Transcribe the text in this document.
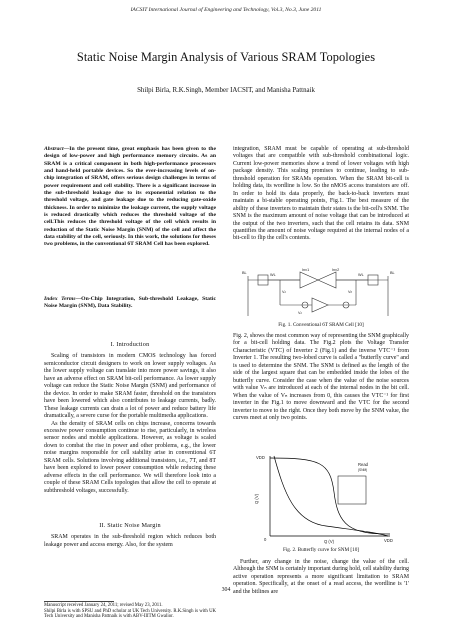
IACSIT International Journal of Engineering and Technology, Vol.3, No.3, June 2011
Static Noise Margin Analysis of Various SRAM Topologies
Shilpi Birla, R.K.Singh, Member IACSIT, and Manisha Pattnaik
Abstract—In the present time, great emphasis has been given to the design of low-power and high performance memory circuits. As an SRAM is a critical component in both high-performance processors and hand-held portable devices. So the ever-increasing levels of on-chip integration of SRAM, offers serious design challenges in terms of power requirement and cell stability. There is a significant increase in the sub-threshold leakage due to its exponential relation to the threshold voltage, and gate leakage due to the reducing gate-oxide thickness. In order to minimize the leakage current, the supply voltage is reduced drastically which reduces the threshold voltage of the cell.This reduces the threshold voltage of the cell which results in reduction of the Static Noise Margin (SNM) of the cell and affect the data stability of the cell, seriously. In this work, the solutions for theses two problems, in the conventional 6T SRAM Cell has been explored.
Index Terms—On-Chip Integration, Sub-threshold Leakage, Static Noise Margin (SNM), Data Stability.
I. Introduction

Scaling of transistors in modern CMOS technology has forced semiconductor circuit designers to work on lower supply voltages. As the lower supply voltage can translate into more power savings, it also have an adverse effect on SRAM bit-cell performance. As lower supply voltage can reduce the Static Noise Margin (SNM) and performance of the device. In order to make SRAM faster, threshold on the transistors have been lowered which also contributes to leakage currents, badly. These leakage currents can drain a lot of power and reduce battery life dramatically, a severe curse for the portable multimedia applications.

As the density of SRAM cells on chips increase, concerns towards excessive power consumption continue to rise, particularly, in wireless sensor nodes and mobile applications. However, as voltage is scaled down to combat the rise in power and other problems, e.g., the lower noise margins responsible for cell stability arise in conventional 6T SRAM cells. Solutions involving additional transistors, i.e., 7T, and 8T have been explored to lower power consumption while reducing these adverse effects in the cell performance. We will therefore look into a couple of these SRAM Cells topologies that allow the cell to operate at subthreshold voltages, successfully.

II. Static Noise Margin

SRAM operates in the sub-threshold region which reduces both leakage power and access energy. Also, for the system

Manuscript received January 24, 2011; revised May 23, 2011.
Shilpi Birla is with SPSU and PhD scholar at UK Tech University. R.K.Singh is with UK Tech University and Manisha Pattnaik is with ABV-IIITM Gwalior.
integration, SRAM must be capable of operating at sub-threshold voltages that are compatible with sub-threshold combinational logic. Current low-power memories show a trend of lower voltages with high package density. This scaling promises to continue, leading to sub-threshold operation for SRAMs operation. When the SRAM bit-cell is holding data, its wordline is low. So the nMOS access transistors are off. In order to hold its data properly, the back-to-back inverters must maintain a bi-stable operating points, Fig.1. The best measure of the ability of these inverters to maintain their states is the bit-cell's SNM. The SNM is the maximum amount of noise voltage that can be introduced at the output of the two inverters, such that the cell retains its data. SNM quantifies the amount of noise voltage required at the internal nodes of a bit-cell to flip the cell's contents.
BL	BL
WL	WL
Inv1	Inv2
Vₙ	Vₕ
Vₙ
Fig. 1. Conventional 6T SRAM Cell [10]
Fig. 2, shows the most common way of representing the SNM graphically for a bit-cell holding data. The Fig.2 plots the Voltage Transfer Characteristic (VTC) of Inverter 2 (Fig.1) and the inverse VTC⁻¹ from Inverter 1. The resulting two-lobed curve is called a "butterfly curve" and is used to determine the SNM. The SNM is defined as the length of the side of the largest square that can be embedded inside the lobes of the butterfly curve. Consider the case when the value of the noise sources with value Vₙ are introduced at each of the internal nodes in the bit cell. When the value of Vₙ increases from 0, this causes the VTC⁻¹ for first inverter in the Fig.1 to move downward and the VTC for the second inverter to move to the right. Once they both move by the SNM value, the curves meet at only two points.
VDD
Read
(SNM)
0	VDD
Q (V)
Q (V)
Fig. 2. Butterfly curve for SNM [10]

Further, any change in the noise, change the value of the cell. Although the SNM is certainly important during hold, cell stability during active operation represents a more significant limitation to SRAM operation. Specifically, at the onset of a read access, the wordline is '1' and the bitlines are

304
